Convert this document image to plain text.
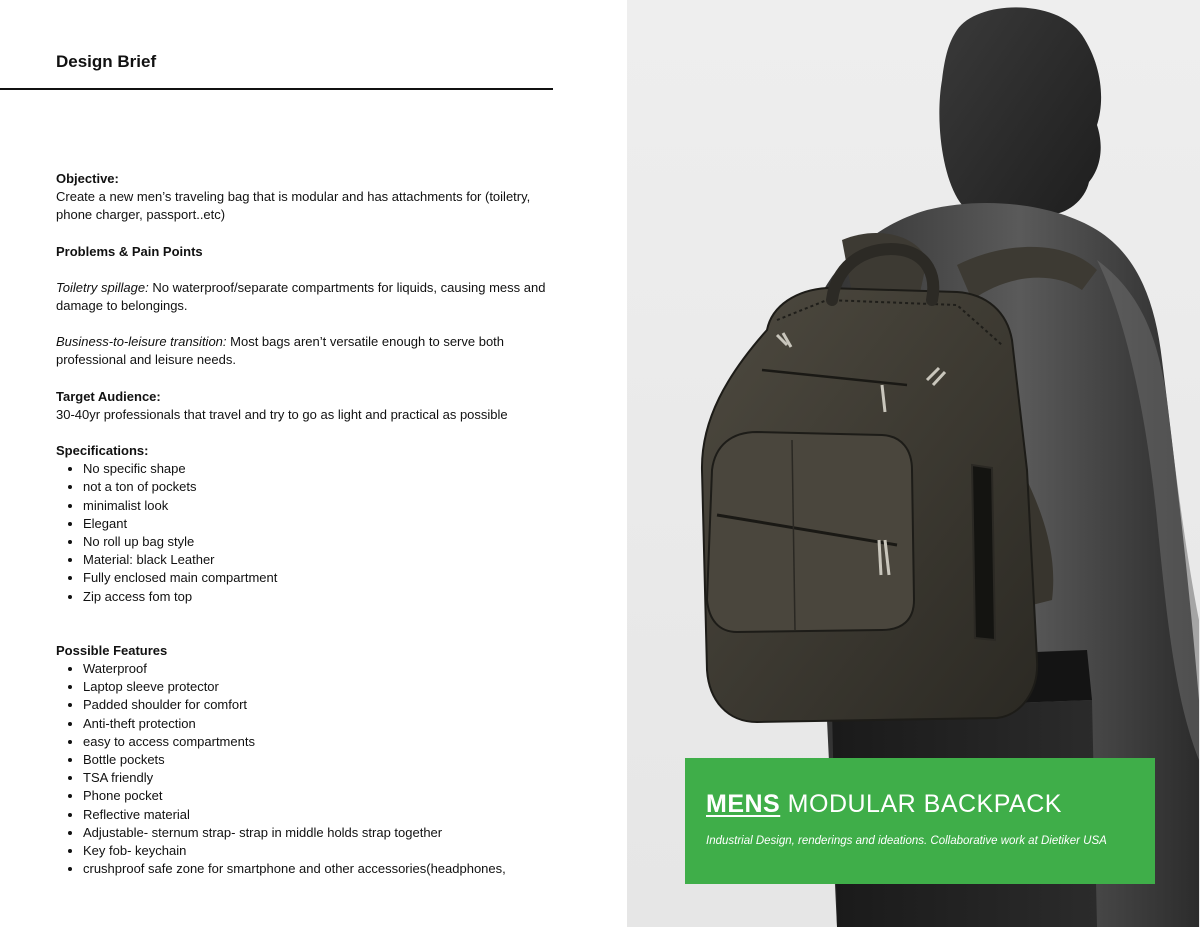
Design Brief

Objective:

Create a new men’s traveling bag that is modular and has attachments for (toiletry, phone charger, passport..etc)

Problems & Pain Points

Toiletry spillage: No waterproof/separate compartments for liquids, causing mess and damage to belongings.

Business-to-leisure transition: Most bags aren’t versatile enough to serve both professional and leisure needs.

Target Audience:

30-40yr professionals that travel and try to go as light and practical as possible

Specifications:

• No specific shape
• not a ton of pockets
• minimalist look
• Elegant
• No roll up bag style
• Material: black Leather
• Fully enclosed main compartment
• Zip access fom top

Possible Features

• Waterproof
• Laptop sleeve protector
• Padded shoulder for comfort
• Anti-theft protection
• easy to access compartments
• Bottle pockets
• TSA friendly
• Phone pocket
• Reflective material
• Adjustable- sternum strap- strap in middle holds strap together
• Key fob- keychain
• crushproof safe zone for smartphone and other accessories(headphones,
MENS MODULAR BACKPACK
Industrial Design, renderings and ideations. Collaborative work at Dietiker USA
